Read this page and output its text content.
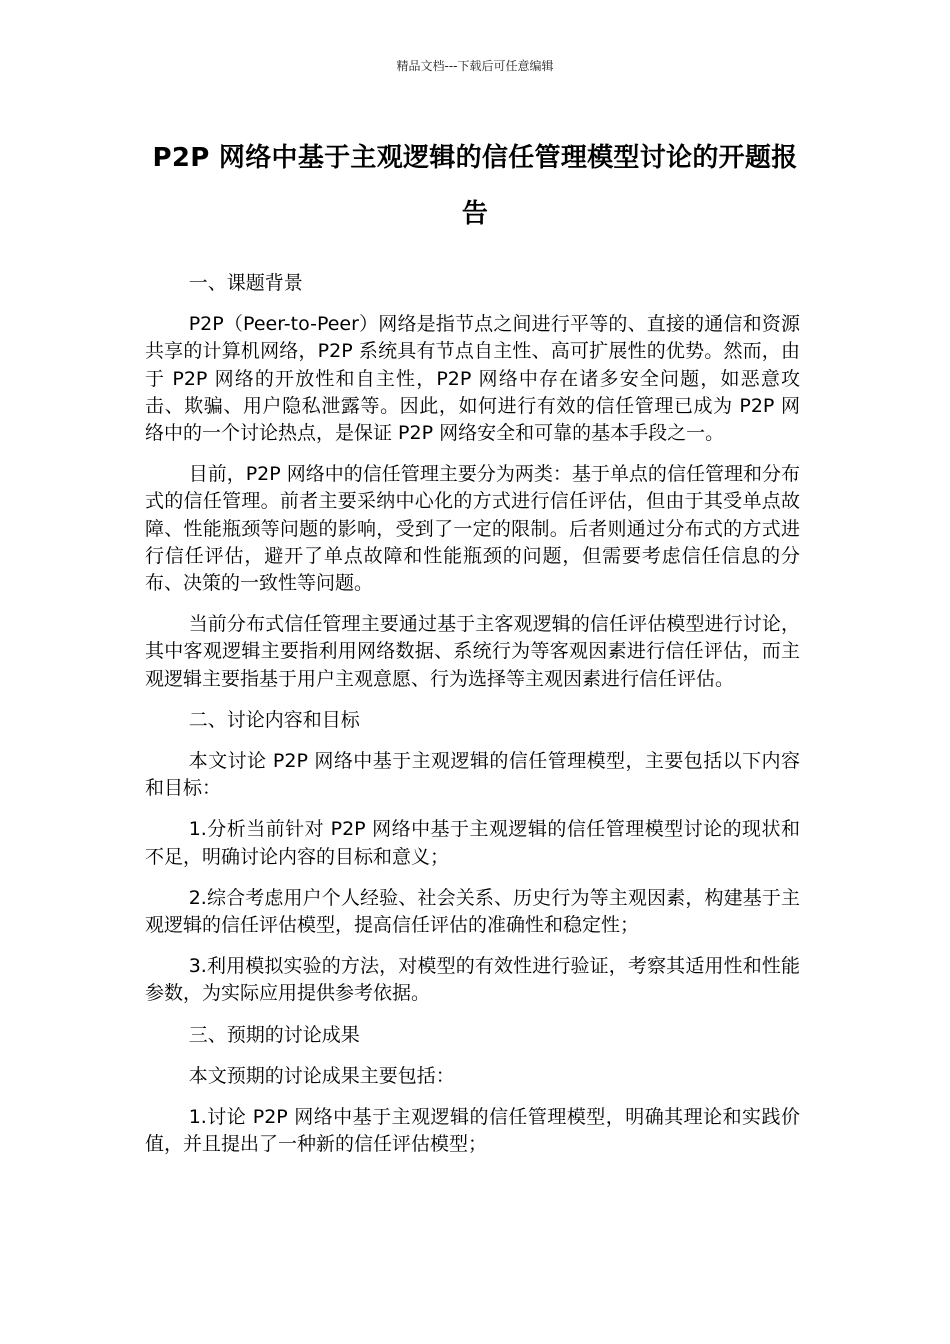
精品文档---下载后可任意编辑
P2P 网络中基于主观逻辑的信任管理模型讨论的开题报告

一、课题背景

P2P（Peer-to-Peer）网络是指节点之间进行平等的、直接的通信和资源共享的计算机网络，P2P 系统具有节点自主性、高可扩展性的优势。然而，由于 P2P 网络的开放性和自主性，P2P 网络中存在诸多安全问题，如恶意攻击、欺骗、用户隐私泄露等。因此，如何进行有效的信任管理已成为 P2P 网络中的一个讨论热点，是保证 P2P 网络安全和可靠的基本手段之一。

目前，P2P 网络中的信任管理主要分为两类：基于单点的信任管理和分布式的信任管理。前者主要采纳中心化的方式进行信任评估，但由于其受单点故障、性能瓶颈等问题的影响，受到了一定的限制。后者则通过分布式的方式进行信任评估，避开了单点故障和性能瓶颈的问题，但需要考虑信任信息的分布、决策的一致性等问题。

当前分布式信任管理主要通过基于主客观逻辑的信任评估模型进行讨论，其中客观逻辑主要指利用网络数据、系统行为等客观因素进行信任评估，而主观逻辑主要指基于用户主观意愿、行为选择等主观因素进行信任评估。

二、讨论内容和目标

本文讨论 P2P 网络中基于主观逻辑的信任管理模型，主要包括以下内容和目标：

1.分析当前针对 P2P 网络中基于主观逻辑的信任管理模型讨论的现状和不足，明确讨论内容的目标和意义；

2.综合考虑用户个人经验、社会关系、历史行为等主观因素，构建基于主观逻辑的信任评估模型，提高信任评估的准确性和稳定性；

3.利用模拟实验的方法，对模型的有效性进行验证，考察其适用性和性能参数，为实际应用提供参考依据。

三、预期的讨论成果

本文预期的讨论成果主要包括：

1.讨论 P2P 网络中基于主观逻辑的信任管理模型，明确其理论和实践价值，并且提出了一种新的信任评估模型；
